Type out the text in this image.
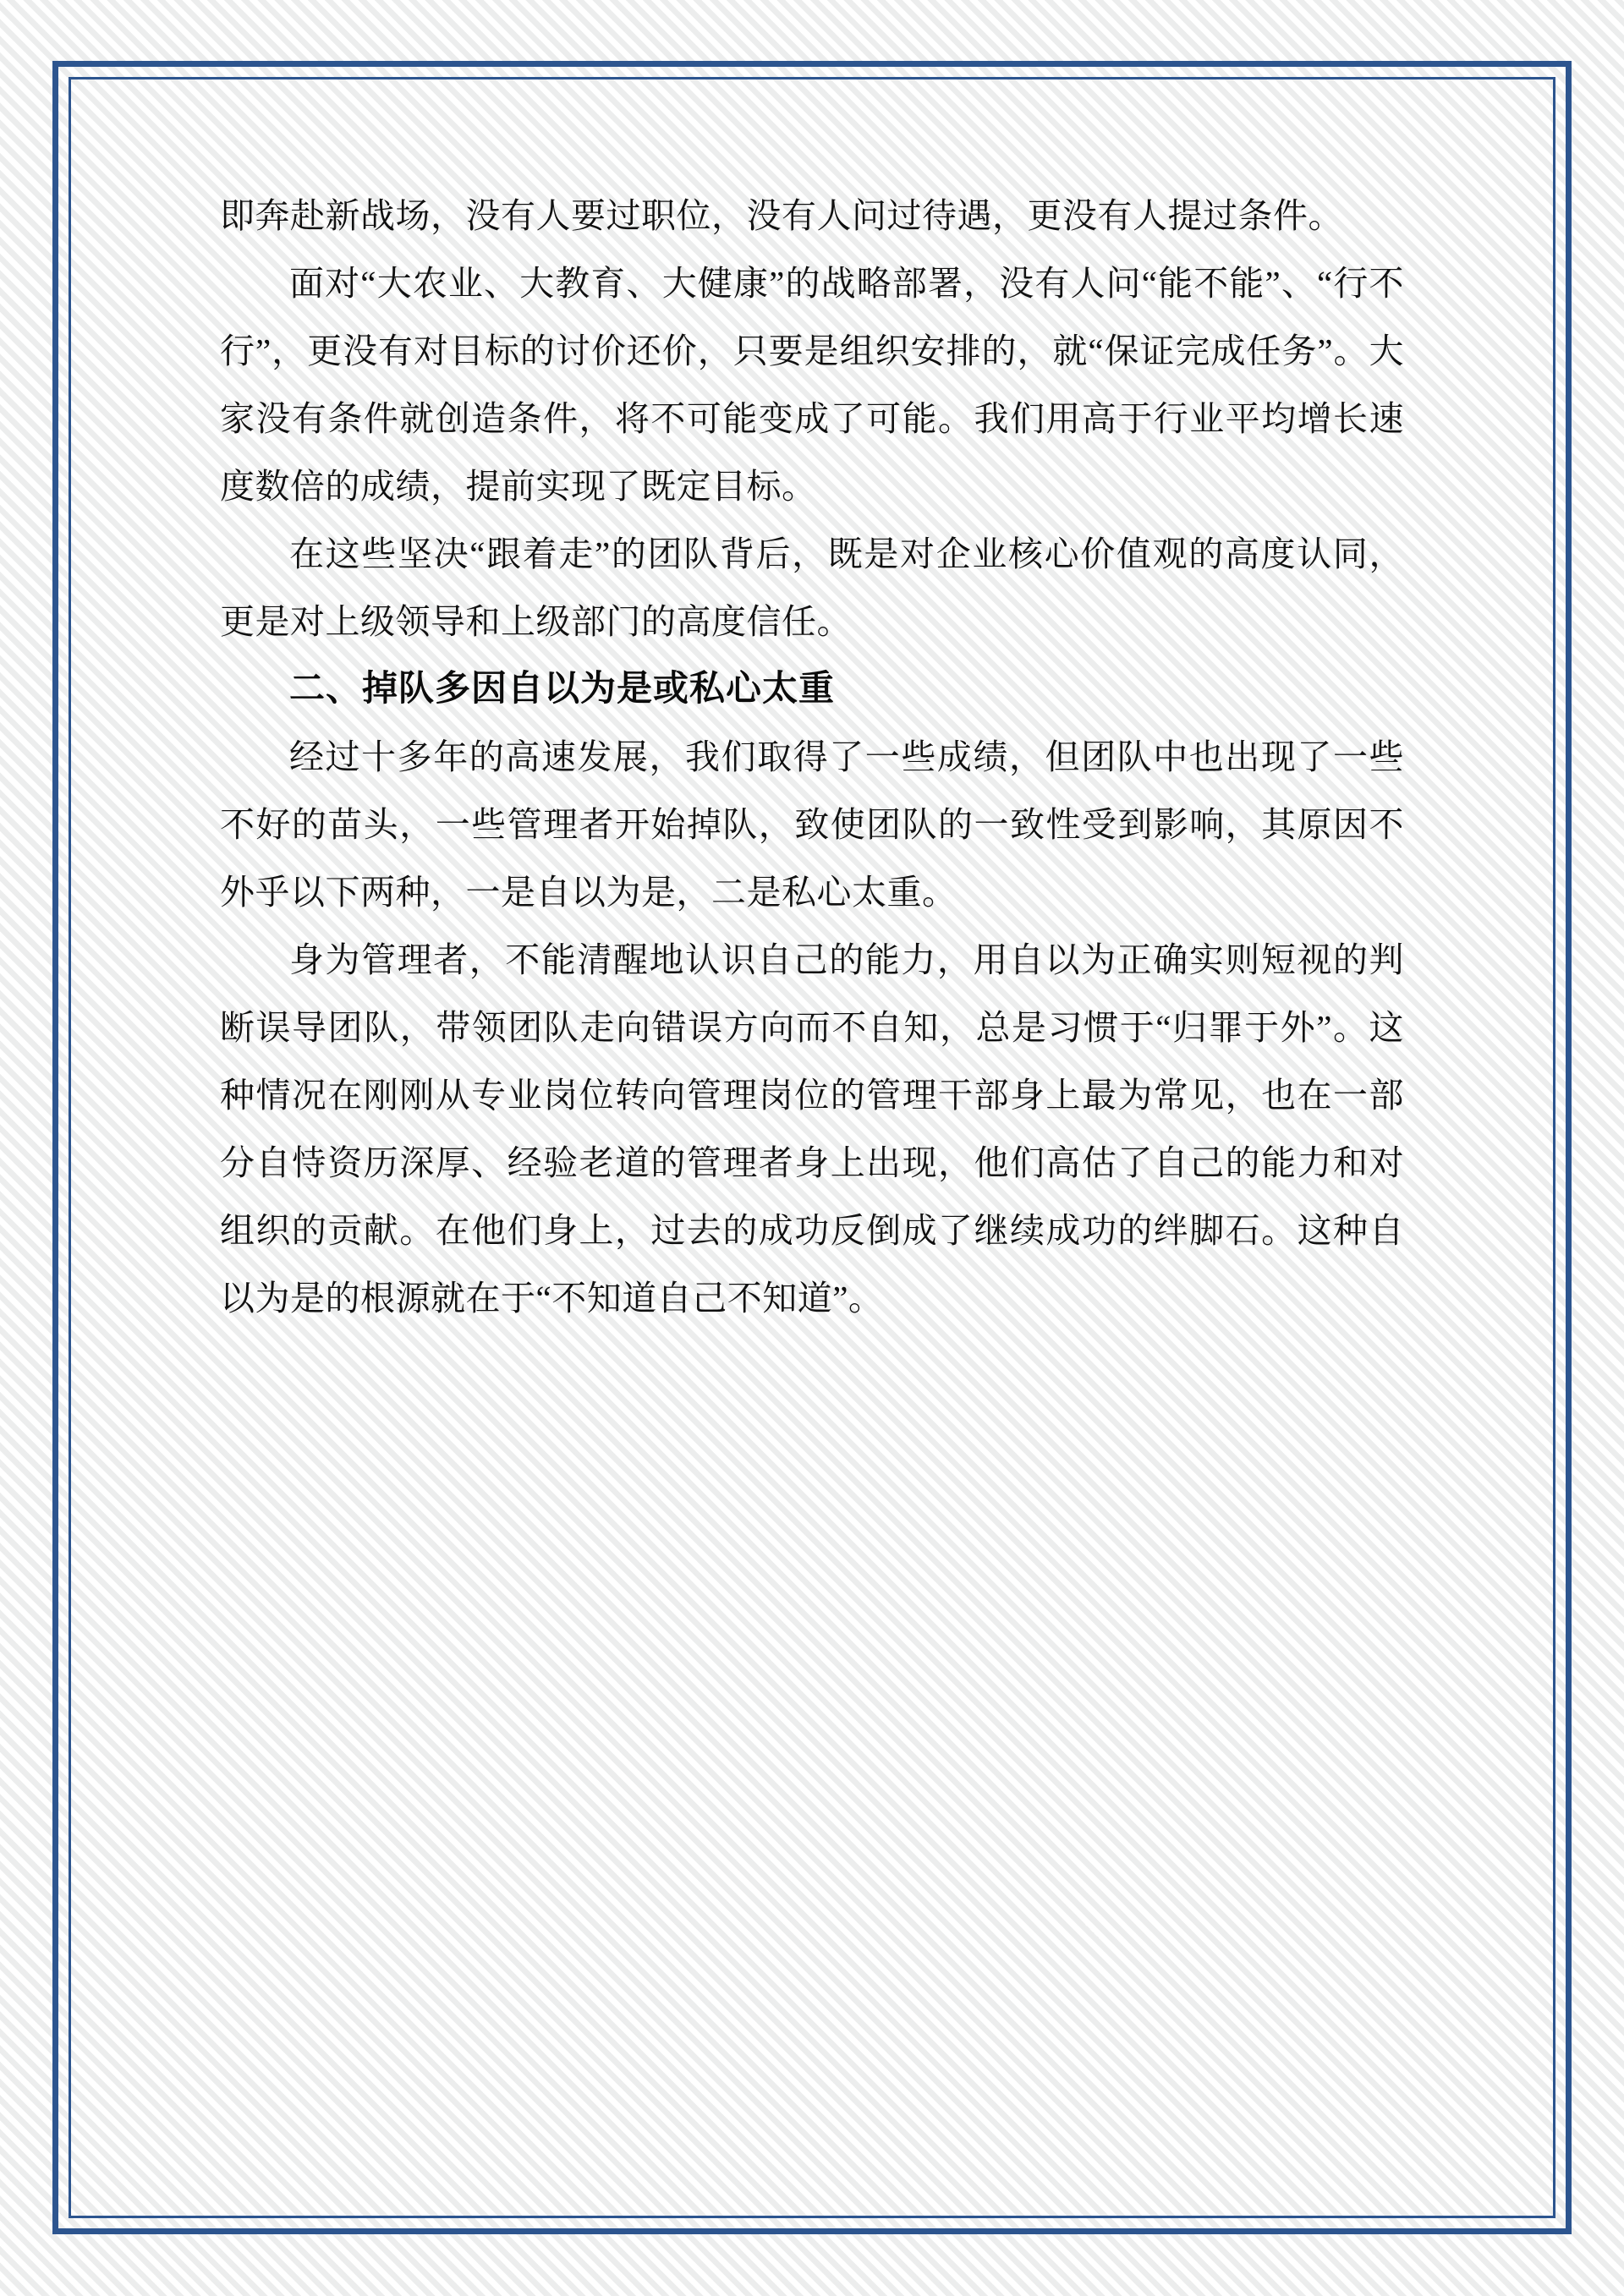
即奔赴新战场，没有人要过职位，没有人问过待遇，更没有人提过条件。

面对“大农业、大教育、大健康”的战略部署，没有人问“能不能”、“行不行”，更没有对目标的讨价还价，只要是组织安排的，就“保证完成任务”。大家没有条件就创造条件，将不可能变成了可能。我们用高于行业平均增长速度数倍的成绩，提前实现了既定目标。

在这些坚决“跟着走”的团队背后，既是对企业核心价值观的高度认同，更是对上级领导和上级部门的高度信任。

二、掉队多因自以为是或私心太重

经过十多年的高速发展，我们取得了一些成绩，但团队中也出现了一些不好的苗头，一些管理者开始掉队，致使团队的一致性受到影响，其原因不外乎以下两种，一是自以为是，二是私心太重。

身为管理者，不能清醒地认识自己的能力，用自以为正确实则短视的判断误导团队，带领团队走向错误方向而不自知，总是习惯于“归罪于外”。这种情况在刚刚从专业岗位转向管理岗位的管理干部身上最为常见，也在一部分自恃资历深厚、经验老道的管理者身上出现，他们高估了自己的能力和对组织的贡献。在他们身上，过去的成功反倒成了继续成功的绊脚石。这种自以为是的根源就在于“不知道自己不知道”。
